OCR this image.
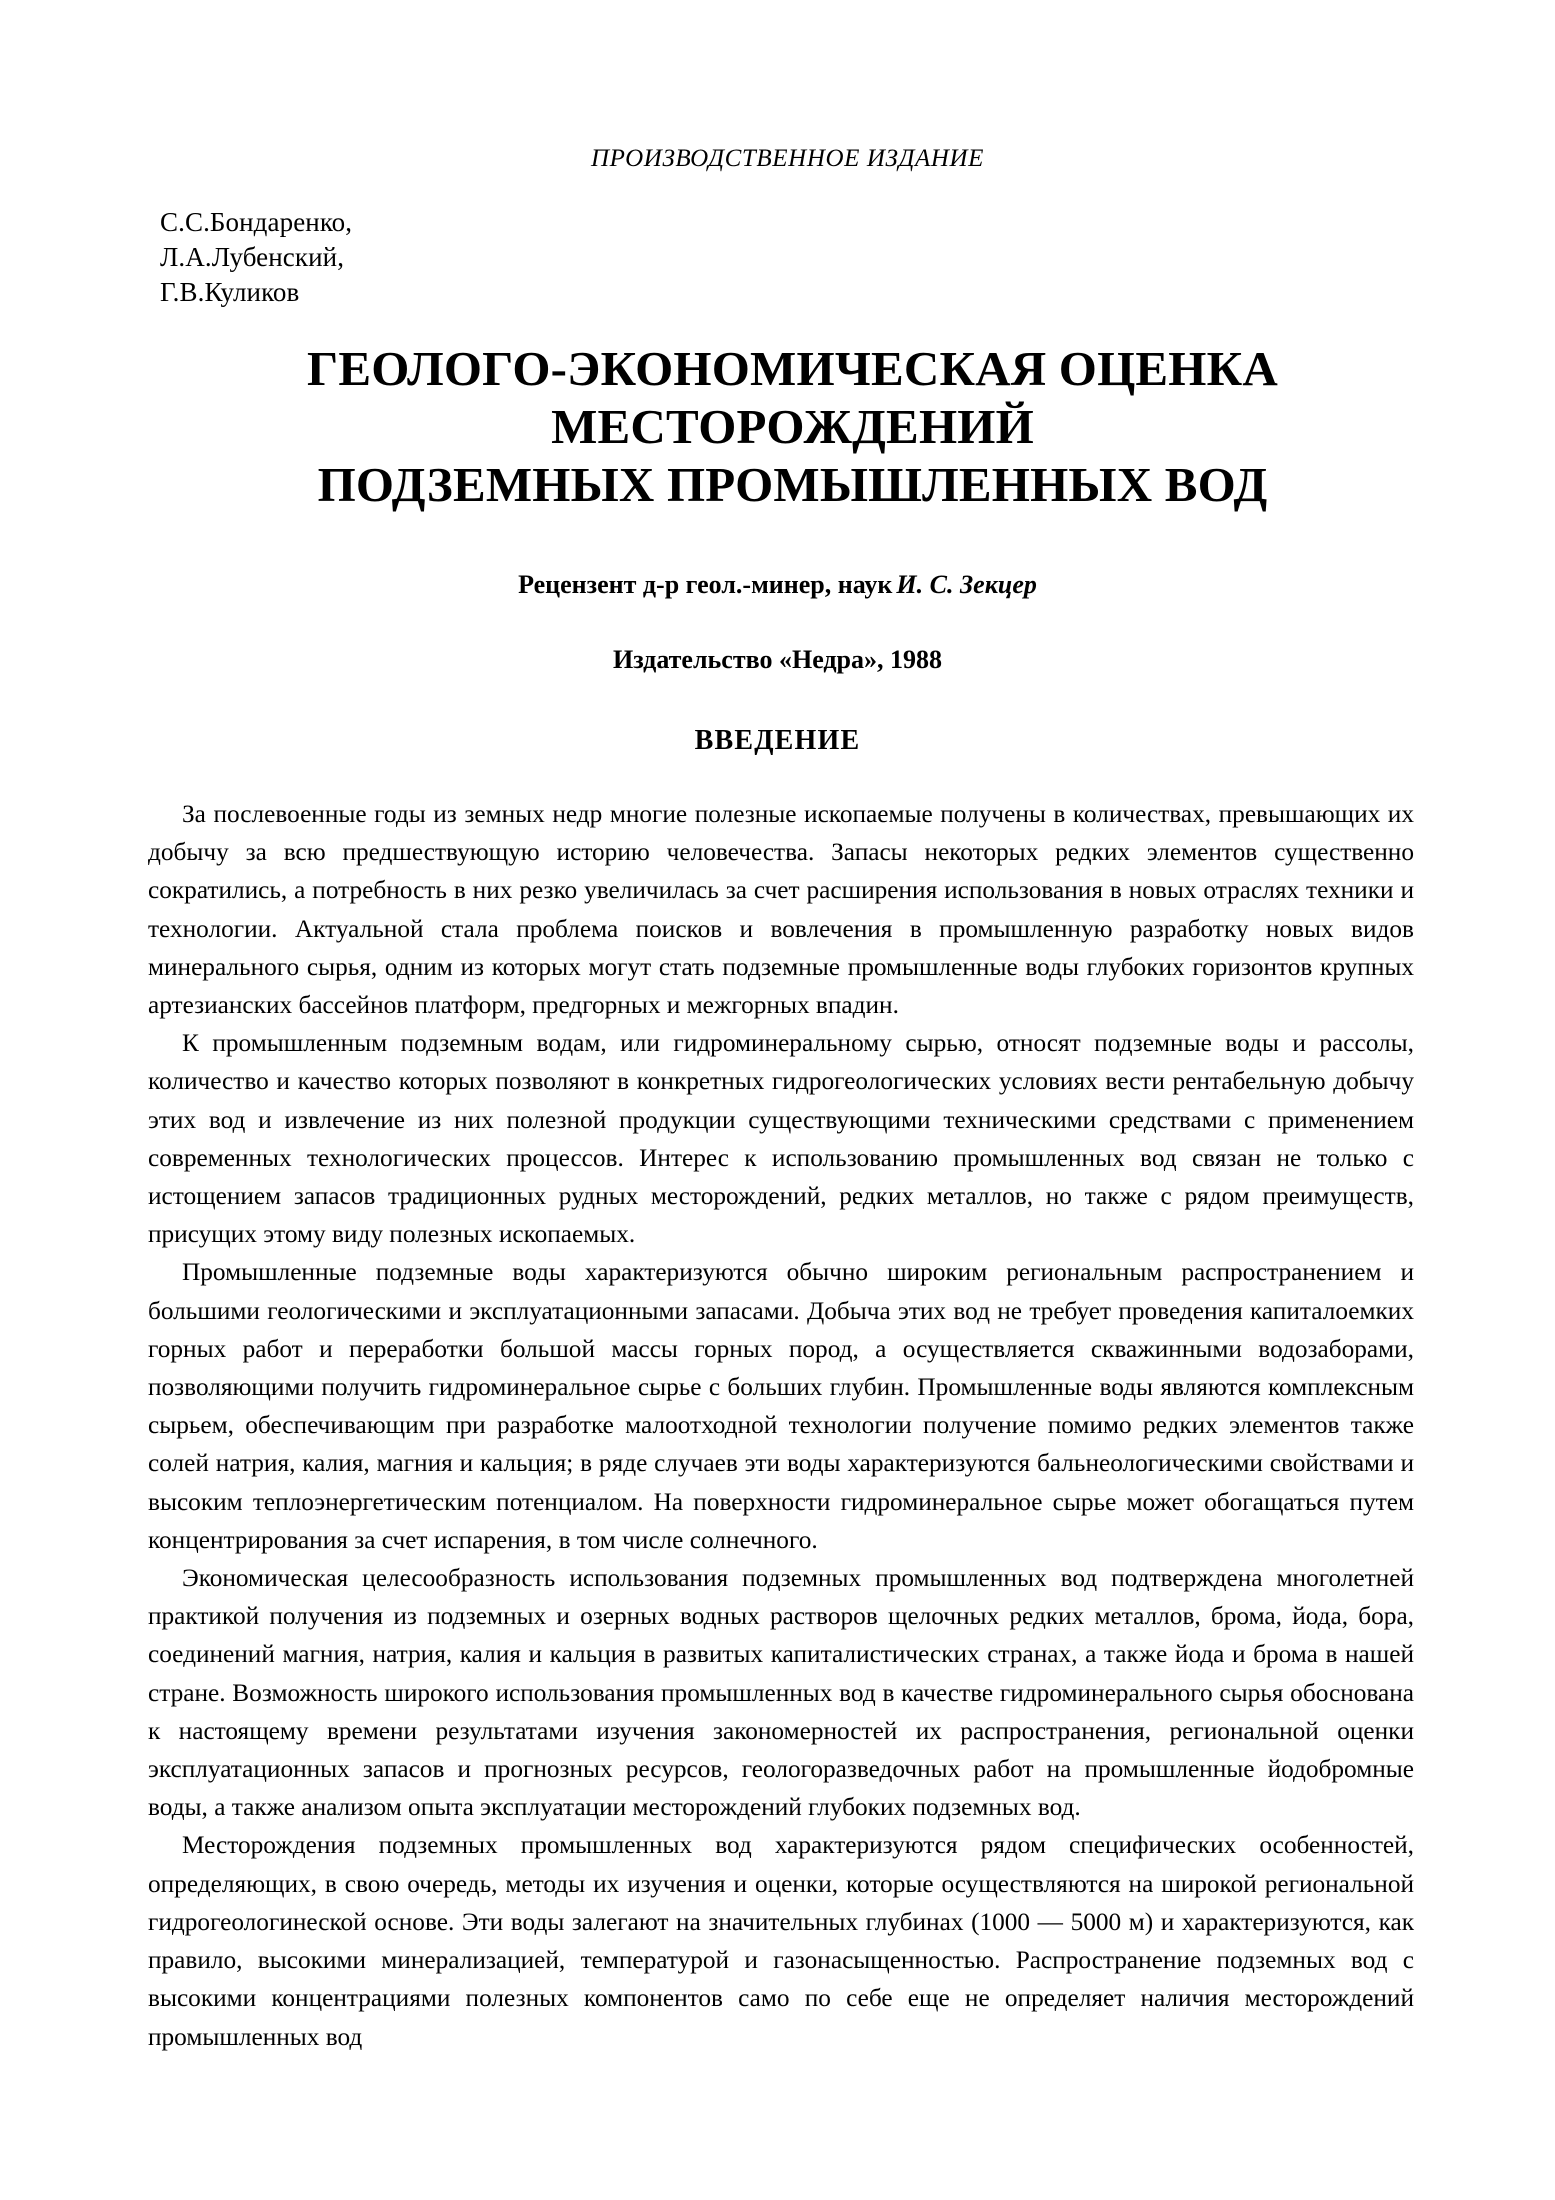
ПРОИЗВОДСТВЕННОЕ ИЗДАНИЕ
С.С.Бондаренко,
Л.А.Лубенский,
Г.В.Куликов
ГЕОЛОГО-ЭКОНОМИЧЕСКАЯ ОЦЕНКА
МЕСТОРОЖДЕНИЙ
ПОДЗЕМНЫХ ПРОМЫШЛЕННЫХ ВОД
Рецензент д-р геол.-минер, наук И. С. Зекцер
Издательство «Недра», 1988
ВВЕДЕНИЕ

За послевоенные годы из земных недр многие полезные ископаемые получены в количествах, превышающих их добычу за всю предшествующую историю человечества. Запасы некоторых редких элементов существенно сократились, а потребность в них резко увеличилась за счет расширения использования в новых отраслях техники и технологии. Актуальной стала проблема поисков и вовлечения в промышленную разработку новых видов минерального сырья, одним из которых могут стать подземные промышленные воды глубоких горизонтов крупных артезианских бассейнов платформ, предгорных и межгорных впадин.

К промышленным подземным водам, или гидроминеральному сырью, относят подземные воды и рассолы, количество и качество которых позволяют в конкретных гидрогеологических условиях вести рентабельную добычу этих вод и извлечение из них полезной продукции существующими техническими средствами с применением современных технологических процессов. Интерес к использованию промышленных вод связан не только с истощением запасов традиционных рудных месторождений, редких металлов, но также с рядом преимуществ, присущих этому виду полезных ископаемых.

Промышленные подземные воды характеризуются обычно широким региональным распространением и большими геологическими и эксплуатационными запасами. Добыча этих вод не требует проведения капиталоемких горных работ и переработки большой массы горных пород, а осуществляется скважинными водозаборами, позволяющими получить гидроминеральное сырье с больших глубин. Промышленные воды являются комплексным сырьем, обеспечивающим при разработке малоотходной технологии получение помимо редких элементов также солей натрия, калия, магния и кальция; в ряде случаев эти воды характеризуются бальнеологическими свойствами и высоким теплоэнергетическим потенциалом. На поверхности гидроминеральное сырье может обогащаться путем концентрирования за счет испарения, в том числе солнечного.

Экономическая целесообразность использования подземных промышленных вод подтверждена многолетней практикой получения из подземных и озерных водных растворов щелочных редких металлов, брома, йода, бора, соединений магния, натрия, калия и кальция в развитых капиталистических странах, а также йода и брома в нашей стране. Возможность широкого использования промышленных вод в качестве гидроминерального сырья обоснована к настоящему времени результатами изучения закономерностей их распространения, региональной оценки эксплуатационных запасов и прогнозных ресурсов, геологоразведочных работ на промышленные йодобромные воды, а также анализом опыта эксплуатации месторождений глубоких подземных вод.

Месторождения подземных промышленных вод характеризуются рядом специфических особенностей, определяющих, в свою очередь, методы их изучения и оценки, которые осуществляются на широкой региональной гидрогеологинеской основе. Эти воды залегают на значительных глубинах (1000 — 5000 м) и характеризуются, как правило, высокими минерализацией, температурой и газонасыщенностью. Распространение подземных вод с высокими концентрациями полезных компонентов само по себе еще не определяет наличия месторождений промышленных вод
